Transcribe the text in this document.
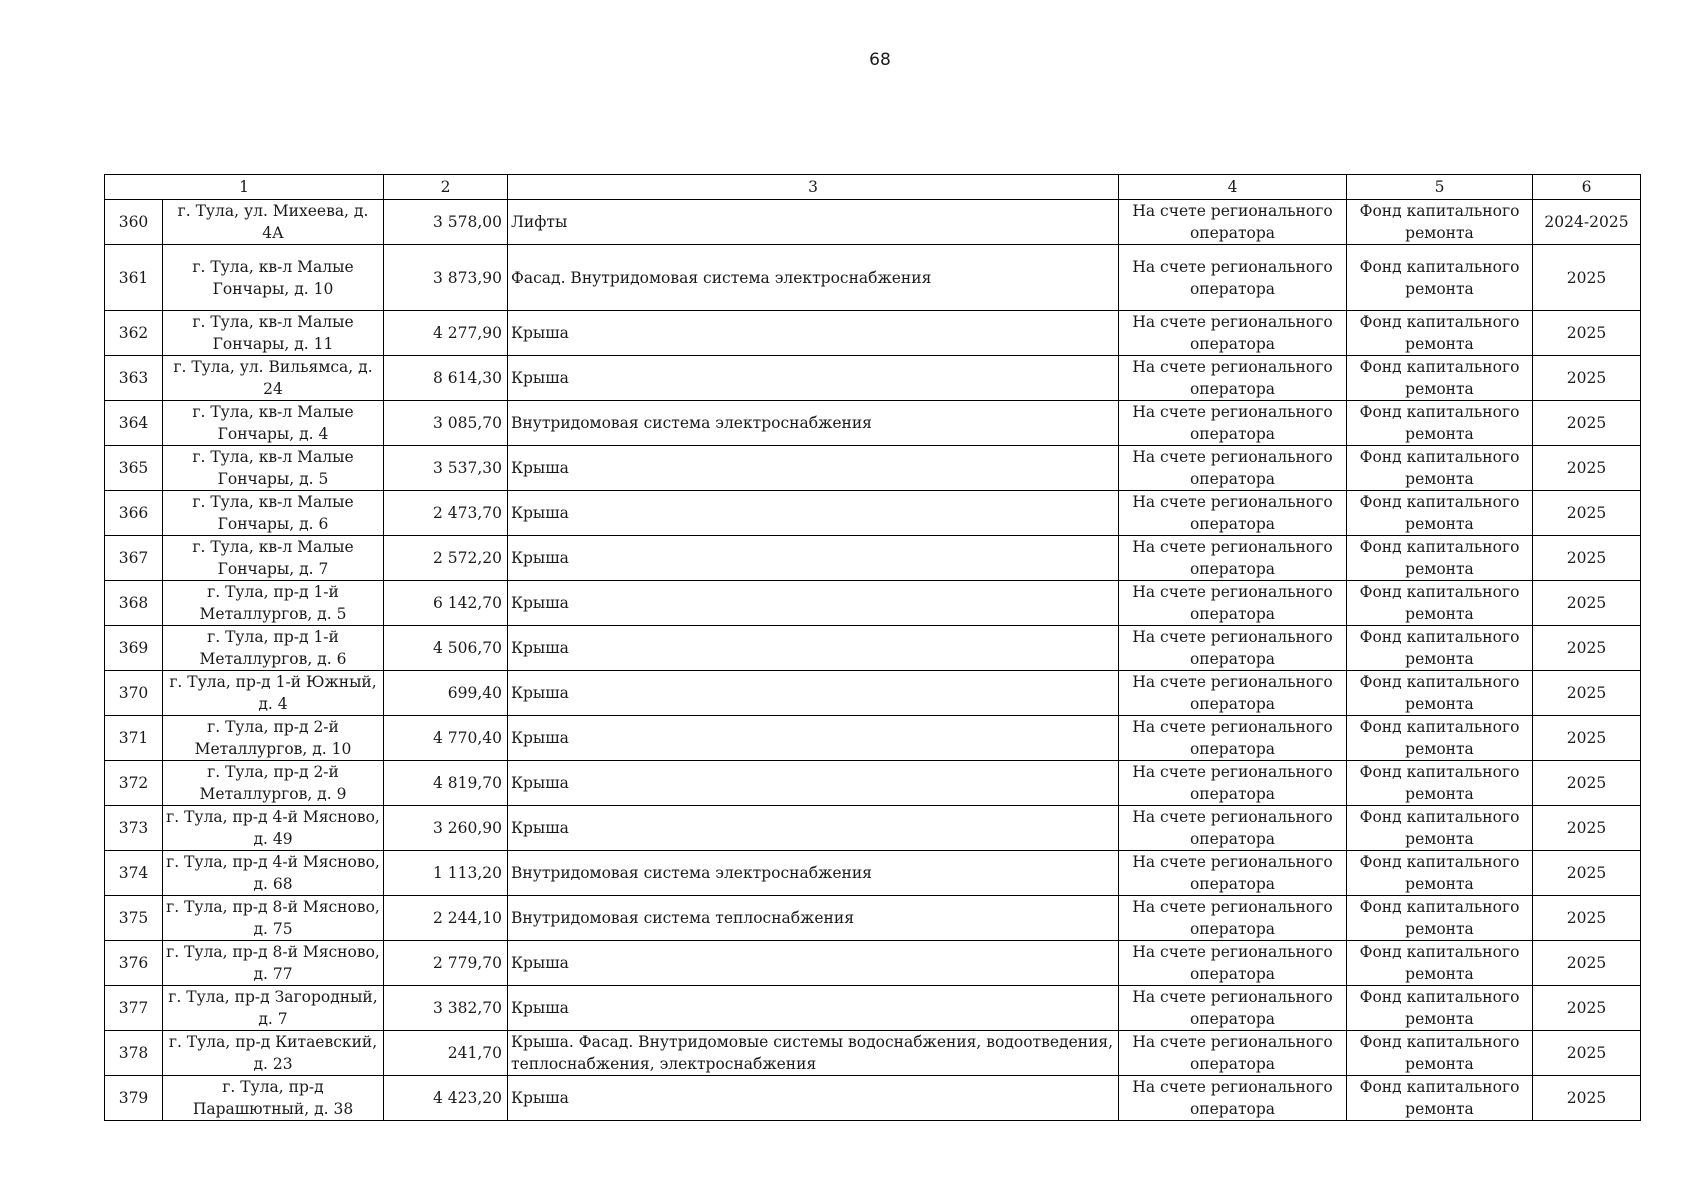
68
1		2	3	4	5	6
360	г. Тула, ул. Михеева, д. 4А	3 578,00	Лифты	На счете регионального оператора	Фонд капитального ремонта	2024-2025
361	г. Тула, кв-л Малые Гончары, д. 10	3 873,90	Фасад. Внутридомовая система электроснабжения	На счете регионального оператора	Фонд капитального ремонта	2025
362	г. Тула, кв-л Малые Гончары, д. 11	4 277,90	Крыша	На счете регионального оператора	Фонд капитального ремонта	2025
363	г. Тула, ул. Вильямса, д. 24	8 614,30	Крыша	На счете регионального оператора	Фонд капитального ремонта	2025
364	г. Тула, кв-л Малые Гончары, д. 4	3 085,70	Внутридомовая система электроснабжения	На счете регионального оператора	Фонд капитального ремонта	2025
365	г. Тула, кв-л Малые Гончары, д. 5	3 537,30	Крыша	На счете регионального оператора	Фонд капитального ремонта	2025
366	г. Тула, кв-л Малые Гончары, д. 6	2 473,70	Крыша	На счете регионального оператора	Фонд капитального ремонта	2025
367	г. Тула, кв-л Малые Гончары, д. 7	2 572,20	Крыша	На счете регионального оператора	Фонд капитального ремонта	2025
368	г. Тула, пр-д 1-й Металлургов, д. 5	6 142,70	Крыша	На счете регионального оператора	Фонд капитального ремонта	2025
369	г. Тула, пр-д 1-й Металлургов, д. 6	4 506,70	Крыша	На счете регионального оператора	Фонд капитального ремонта	2025
370	г. Тула, пр-д 1-й Южный, д. 4	699,40	Крыша	На счете регионального оператора	Фонд капитального ремонта	2025
371	г. Тула, пр-д 2-й Металлургов, д. 10	4 770,40	Крыша	На счете регионального оператора	Фонд капитального ремонта	2025
372	г. Тула, пр-д 2-й Металлургов, д. 9	4 819,70	Крыша	На счете регионального оператора	Фонд капитального ремонта	2025
373	г. Тула, пр-д 4-й Мясново, д. 49	3 260,90	Крыша	На счете регионального оператора	Фонд капитального ремонта	2025
374	г. Тула, пр-д 4-й Мясново, д. 68	1 113,20	Внутридомовая система электроснабжения	На счете регионального оператора	Фонд капитального ремонта	2025
375	г. Тула, пр-д 8-й Мясново, д. 75	2 244,10	Внутридомовая система теплоснабжения	На счете регионального оператора	Фонд капитального ремонта	2025
376	г. Тула, пр-д 8-й Мясново, д. 77	2 779,70	Крыша	На счете регионального оператора	Фонд капитального ремонта	2025
377	г. Тула, пр-д Загородный, д. 7	3 382,70	Крыша	На счете регионального оператора	Фонд капитального ремонта	2025
378	г. Тула, пр-д Китаевский, д. 23	241,70	Крыша. Фасад. Внутридомовые системы водоснабжения, водоотведения, теплоснабжения, электроснабжения	На счете регионального оператора	Фонд капитального ремонта	2025
379	г. Тула, пр-д Парашютный, д. 38	4 423,20	Крыша	На счете регионального оператора	Фонд капитального ремонта	2025
